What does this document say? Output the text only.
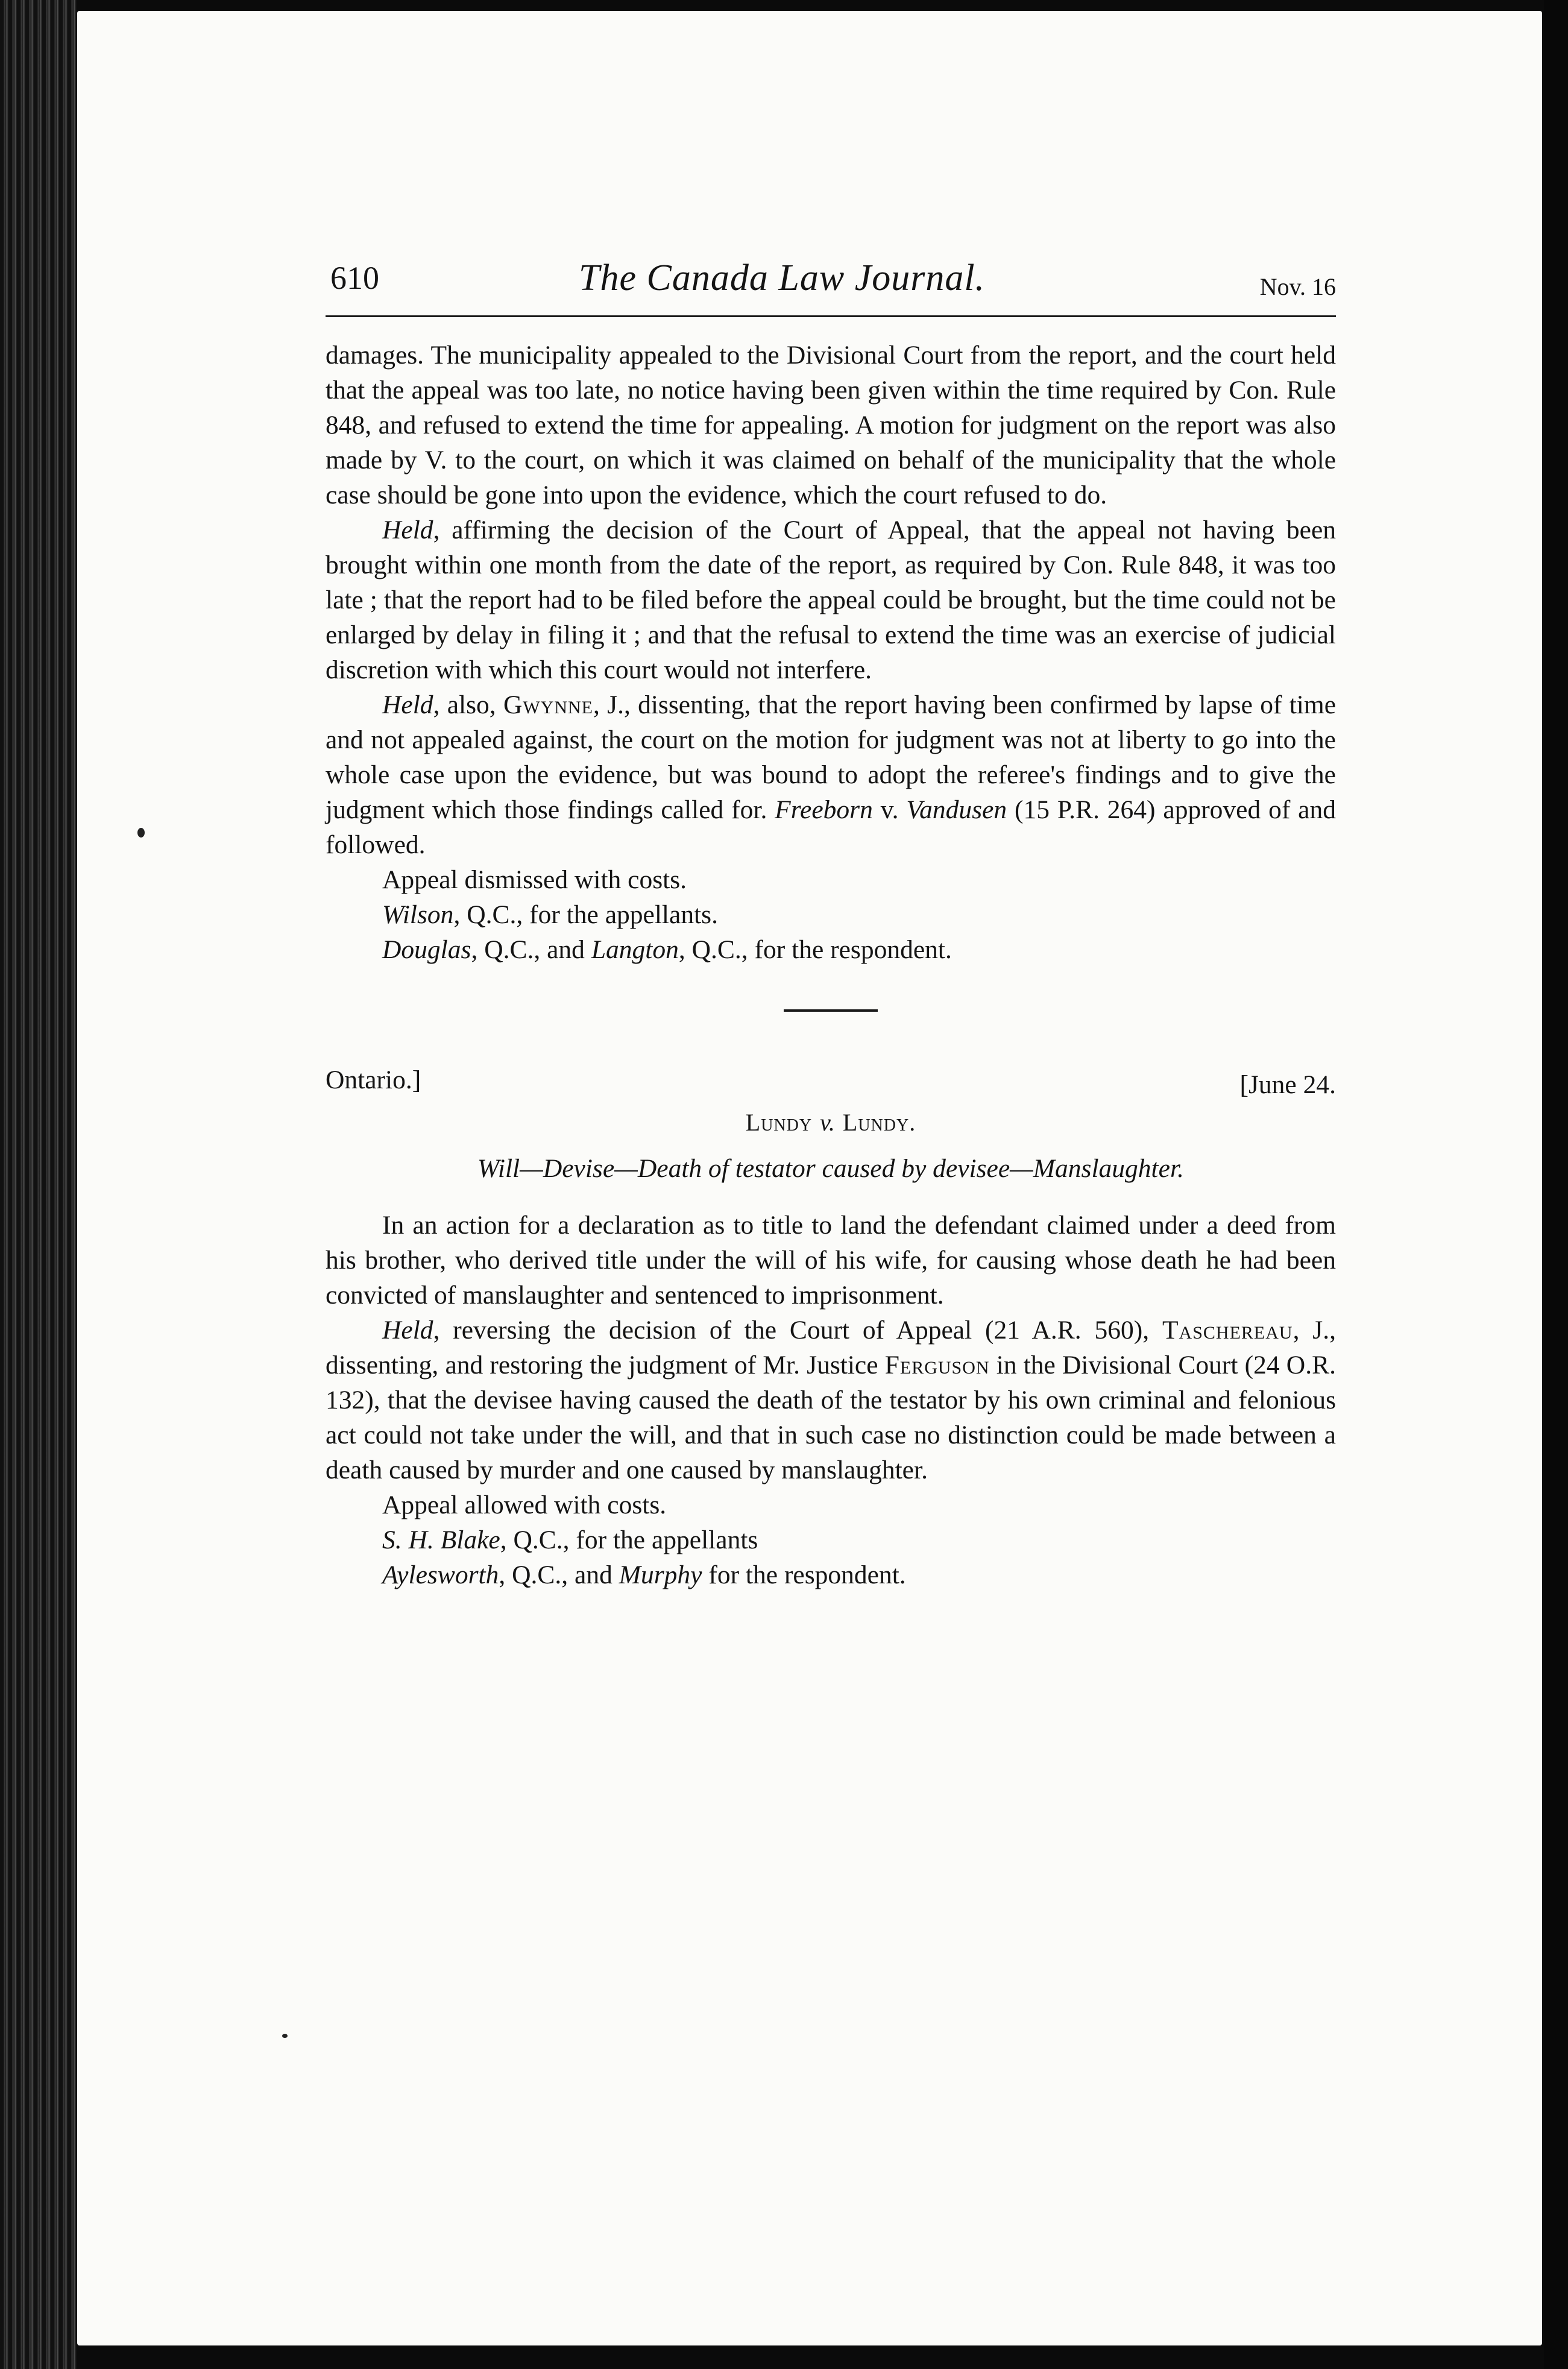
610	The Canada Law Journal.	Nov. 16

damages. The municipality appealed to the Divisional Court from the report, and the court held that the appeal was too late, no notice having been given within the time required by Con. Rule 848, and refused to extend the time for appealing. A motion for judgment on the report was also made by V. to the court, on which it was claimed on behalf of the municipality that the whole case should be gone into upon the evidence, which the court refused to do.

Held, affirming the decision of the Court of Appeal, that the appeal not having been brought within one month from the date of the report, as required by Con. Rule 848, it was too late ; that the report had to be filed before the appeal could be brought, but the time could not be enlarged by delay in filing it ; and that the refusal to extend the time was an exercise of judicial discretion with which this court would not interfere.

Held, also, Gwynne, J., dissenting, that the report having been confirmed by lapse of time and not appealed against, the court on the motion for judgment was not at liberty to go into the whole case upon the evidence, but was bound to adopt the referee's findings and to give the judgment which those findings called for. Freeborn v. Vandusen (15 P.R. 264) approved of and followed.

Appeal dismissed with costs.

Wilson, Q.C., for the appellants.

Douglas, Q.C., and Langton, Q.C., for the respondent.

Ontario.]	[June 24.
Lundy v. Lundy.
Will—Devise—Death of testator caused by devisee—Manslaughter.

In an action for a declaration as to title to land the defendant claimed under a deed from his brother, who derived title under the will of his wife, for causing whose death he had been convicted of manslaughter and sentenced to imprisonment.

Held, reversing the decision of the Court of Appeal (21 A.R. 560), Taschereau, J., dissenting, and restoring the judgment of Mr. Justice Ferguson in the Divisional Court (24 O.R. 132), that the devisee having caused the death of the testator by his own criminal and felonious act could not take under the will, and that in such case no distinction could be made between a death caused by murder and one caused by manslaughter.

Appeal allowed with costs.

S. H. Blake, Q.C., for the appellants

Aylesworth, Q.C., and Murphy for the respondent.
